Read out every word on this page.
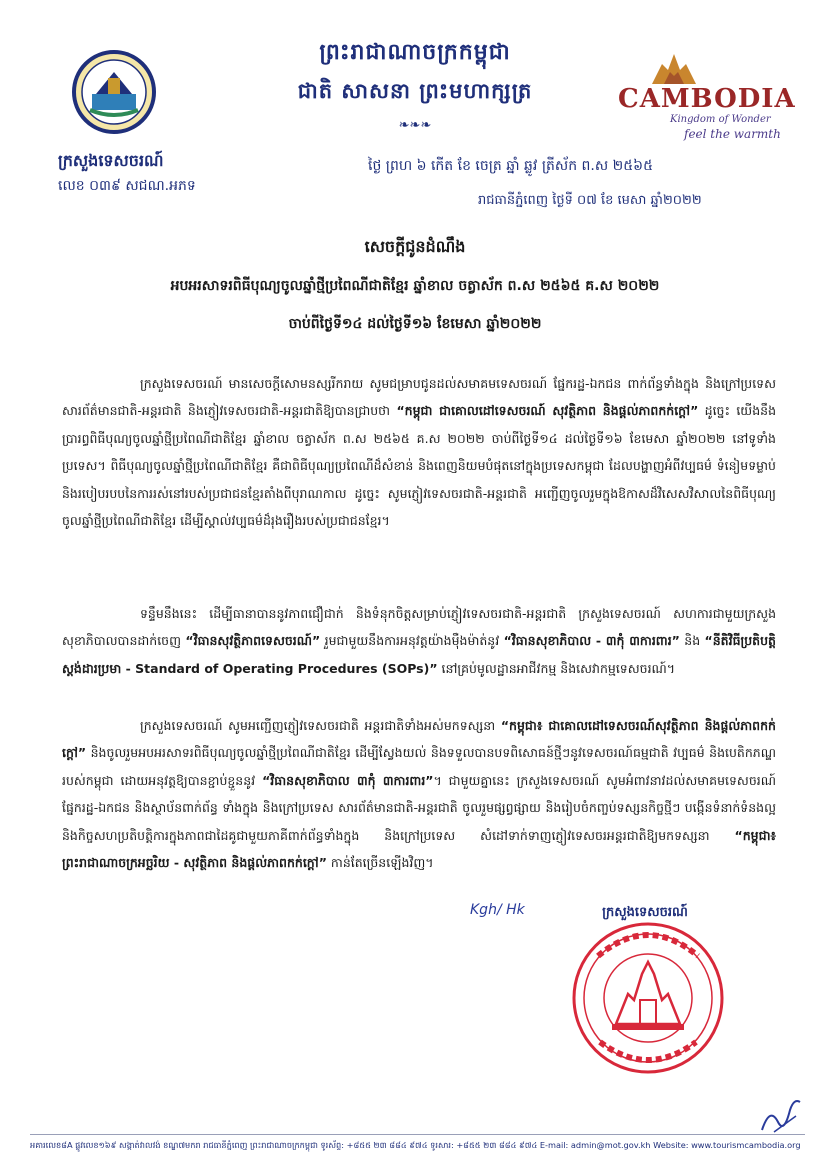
CAMBODIA
Kingdom of Wonder
feel the warmth
ព្រះរាជាណាចក្រកម្ពុជា
ជាតិ សាសនា ព្រះមហាក្សត្រ
❧❧❧
ក្រសួងទេសចរណ៍
លេខ ០៣៩ សជណ.អភទ
ថ្ងៃ ព្រហ ៦ កើត ខែ ចេត្រ ឆ្នាំ ឆ្លូវ ត្រីស័ក ព.ស ២៥៦៥
រាជធានីភ្នំពេញ ថ្ងៃទី ០៧ ខែ មេសា ឆ្នាំ២០២២
សេចក្តីជូនដំណឹង
អបអរសាទរពិធីបុណ្យចូលឆ្នាំថ្មីប្រពៃណីជាតិខ្មែរ ឆ្នាំខាល ចត្វាស័ក ព.ស ២៥៦៥ គ.ស ២០២២
ចាប់ពីថ្ងៃទី១៤ ដល់ថ្ងៃទី១៦ ខែមេសា ឆ្នាំ២០២២
ក្រសួងទេសចរណ៍ មានសេចក្តីសោមនស្សរីករាយ សូមជម្រាបជូនដល់សមាគមទេសចរណ៍ ផ្នែករដ្ឋ-ឯកជន ពាក់ព័ន្ធទាំងក្នុង និងក្រៅប្រទេស សារព័ត៌មានជាតិ-អន្តរជាតិ និងភ្ញៀវទេសចរជាតិ-អន្តរជាតិឱ្យបានជ្រាបថា “កម្ពុជា ជាគោលដៅទេសចរណ៍ សុវត្ថិភាព និងផ្តល់ភាពកក់ក្តៅ” ដូច្នេះ យើងនឹងប្រារព្ធពិធីបុណ្យចូលឆ្នាំថ្មីប្រពៃណីជាតិខ្មែរ ឆ្នាំខាល ចត្វាស័ក ព.ស ២៥៦៥ គ.ស ២០២២ ចាប់ពីថ្ងៃទី១៤ ដល់ថ្ងៃទី១៦ ខែមេសា ឆ្នាំ២០២២ នៅទូទាំងប្រទេស។ ពិធីបុណ្យចូលឆ្នាំថ្មីប្រពៃណីជាតិខ្មែរ គឺជាពិធីបុណ្យប្រពៃណីដ៏សំខាន់ និងពេញនិយមបំផុតនៅក្នុងប្រទេសកម្ពុជា ដែលបង្ហាញអំពីវប្បធម៌ ទំនៀមទម្លាប់ និងរបៀបរបបនៃការរស់នៅរបស់ប្រជាជនខ្មែរតាំងពីបុរាណកាល ដូច្នេះ សូមភ្ញៀវទេសចរជាតិ-អន្តរជាតិ អញ្ជើញចូលរួមក្នុងឱកាសដ៏វិសេសវិសាលនៃពិធីបុណ្យចូលឆ្នាំថ្មីប្រពៃណីជាតិខ្មែរ ដើម្បីស្គាល់វប្បធម៌ដ៏រុងរឿងរបស់ប្រជាជនខ្មែរ។
ទន្ទឹមនឹងនេះ ដើម្បីធានាបាននូវភាពជឿជាក់ និងទំនុកចិត្តសម្រាប់ភ្ញៀវទេសចរជាតិ-អន្តរជាតិ ក្រសួងទេសចរណ៍ សហការជាមួយក្រសួងសុខាភិបាលបានដាក់ចេញ “វិធានសុវត្ថិភាពទេសចរណ៍” រួមជាមួយនឹងការអនុវត្តយ៉ាងម៉ឺងម៉ាត់នូវ “វិធានសុខាភិបាល - ៣កុំ ៣ការពារ” និង “នីតិវិធីប្រតិបត្តិស្តង់ដារប្រមា - Standard of Operating Procedures (SOPs)” នៅគ្រប់មូលដ្ឋានអាជីវកម្ម និងសេវាកម្មទេសចរណ៍។
ក្រសួងទេសចរណ៍ សូមអញ្ជើញភ្ញៀវទេសចរជាតិ អន្តរជាតិទាំងអស់មកទស្សនា “កម្ពុជា៖ ជាគោលដៅទេសចរណ៍សុវត្ថិភាព និងផ្តល់ភាពកក់ក្តៅ” និងចូលរួមអបអរសាទរពិធីបុណ្យចូលឆ្នាំថ្មីប្រពៃណីជាតិខ្មែរ ដើម្បីស្វែងយល់ និងទទួលបានបទពិសោធន៍ថ្មីៗនូវទេសចរណ៍ធម្មជាតិ វប្បធម៌ និងបេតិកភណ្ឌរបស់កម្ពុជា ដោយអនុវត្តឱ្យបានខ្ជាប់ខ្ជួននូវ “វិធានសុខាភិបាល ៣កុំ ៣ការពារ”។ ជាមួយគ្នានេះ ក្រសួងទេសចរណ៍ សូមអំពាវនាវដល់សមាគមទេសចរណ៍ ផ្នែករដ្ឋ-ឯកជន និងស្ថាប័នពាក់ព័ន្ធ ទាំងក្នុង និងក្រៅប្រទេស សារព័ត៌មានជាតិ-អន្តរជាតិ ចូលរួមផ្សព្វផ្សាយ និងរៀបចំកញ្ចប់ទស្សនកិច្ចថ្មីៗ បង្កើនទំនាក់ទំនងល្អ និងកិច្ចសហប្រតិបត្តិការក្នុងភាពជាដៃគូជាមួយភាគីពាក់ព័ន្ធទាំងក្នុង និងក្រៅប្រទេស សំដៅទាក់ទាញភ្ញៀវទេសចរអន្តរជាតិឱ្យមកទស្សនា “កម្ពុជា៖ ព្រះរាជាណាចក្រអច្ឆរិយ - សុវត្ថិភាព និងផ្តល់ភាពកក់ក្តៅ” កាន់តែច្រើនឡើងវិញ។
Kgh/ Hk	ក្រសួងទេសចរណ៍
អគារលេខ៨A ផ្លូវលេខ១៦៩ សង្កាត់វាលវង់ ខណ្ឌ៧មករា រាជធានីភ្នំពេញ ព្រះរាជាណាចក្រកម្ពុជា ទូរស័ព្ទ: +៨៥៥ ២៣ ៨៨៤ ៩៧៤ ទូរសារ: +៨៥៥ ២៣ ៨៨៤ ៩៧៤ E-mail: admin@mot.gov.kh Website: www.tourismcambodia.org
